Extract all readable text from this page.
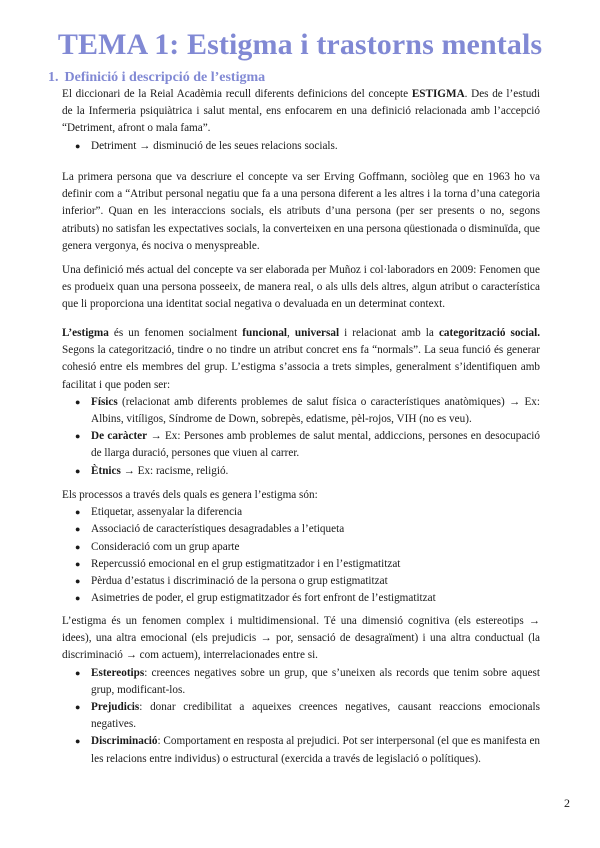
TEMA 1: Estigma i trastorns mentals
1. Definició i descripció de l’estigma

El diccionari de la Reial Acadèmia recull diferents definicions del concepte ESTIGMA. Des de l’estudi de la Infermeria psiquiàtrica i salut mental, ens enfocarem en una definició relacionada amb l’accepció “Detriment, afront o mala fama”.

● Detriment → disminució de les seues relacions socials.

La primera persona que va descriure el concepte va ser Erving Goffmann, sociòleg que en 1963 ho va definir com a “Atribut personal negatiu que fa a una persona diferent a les altres i la torna d’una categoria inferior”. Quan en les interaccions socials, els atributs d’una persona (per ser presents o no, segons atributs) no satisfan les expectatives socials, la converteixen en una persona qüestionada o disminuïda, que genera vergonya, és nociva o menyspreable.

Una definició més actual del concepte va ser elaborada per Muñoz i col·laboradors en 2009: Fenomen que es produeix quan una persona posseeix, de manera real, o als ulls dels altres, algun atribut o característica que li proporciona una identitat social negativa o devaluada en un determinat context.

L’estigma és un fenomen socialment funcional, universal i relacionat amb la categorització social. Segons la categorització, tindre o no tindre un atribut concret ens fa “normals”. La seua funció és generar cohesió entre els membres del grup. L’estigma s’associa a trets simples, generalment s’identifiquen amb facilitat i que poden ser:

● Físics (relacionat amb diferents problemes de salut física o característiques anatòmiques) → Ex: Albins, vitíligos, Síndrome de Down, sobrepès, edatisme, pèl-rojos, VIH (no es veu).
● De caràcter → Ex: Persones amb problemes de salut mental, addiccions, persones en desocupació de llarga duració, persones que viuen al carrer.
● Ètnics → Ex: racisme, religió.

Els processos a través dels quals es genera l’estigma són:

● Etiquetar, assenyalar la diferencia
● Associació de característiques desagradables a l’etiqueta
● Consideració com un grup aparte
● Repercussió emocional en el grup estigmatitzador i en l’estigmatitzat
● Pèrdua d’estatus i discriminació de la persona o grup estigmatitzat
● Asimetries de poder, el grup estigmatitzador és fort enfront de l’estigmatitzat

L’estigma és un fenomen complex i multidimensional. Té una dimensió cognitiva (els estereotips → idees), una altra emocional (els prejudicis → por, sensació de desagraïment) i una altra conductual (la discriminació → com actuem), interrelacionades entre si.

● Estereotips: creences negatives sobre un grup, que s’uneixen als records que tenim sobre aquest grup, modificant-los.
● Prejudicis: donar credibilitat a aqueixes creences negatives, causant reaccions emocionals negatives.
● Discriminació: Comportament en resposta al prejudici. Pot ser interpersonal (el que es manifesta en les relacions entre individus) o estructural (exercida a través de legislació o polítiques).
2
